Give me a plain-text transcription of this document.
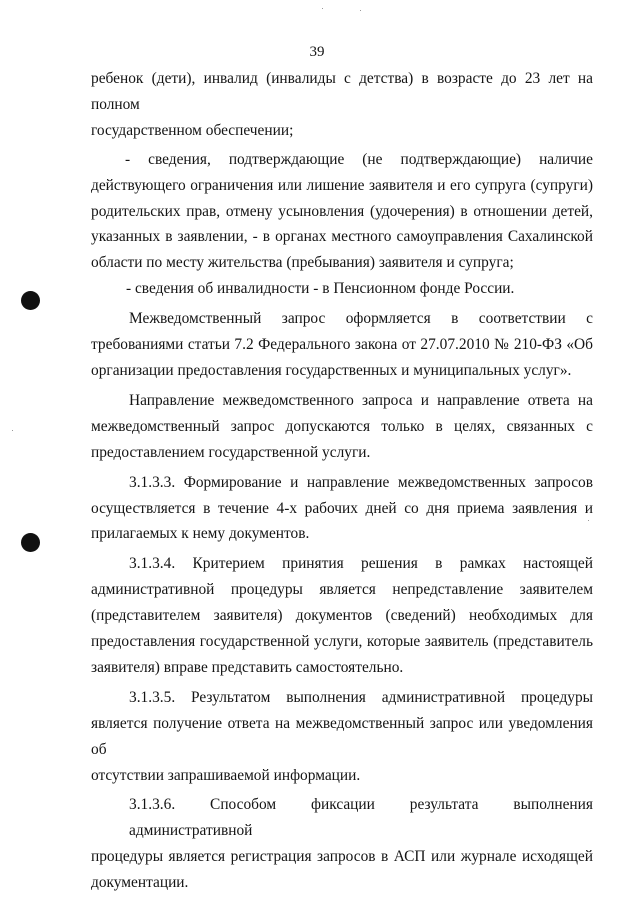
39
ребенок (дети), инвалид (инвалиды с детства) в возрасте до 23 лет на полном
государственном обеспечении;
- сведения, подтверждающие (не подтверждающие) наличие
действующего ограничения или лишение заявителя и его супруга (супруги)
родительских прав, отмену усыновления (удочерения) в отношении детей,
указанных в заявлении, - в органах местного самоуправления Сахалинской
области по месту жительства (пребывания) заявителя и супруга;
- сведения об инвалидности - в Пенсионном фонде России.
Межведомственный запрос оформляется в соответствии с
требованиями статьи 7.2 Федерального закона от 27.07.2010 № 210-ФЗ «Об
организации предоставления государственных и муниципальных услуг».
Направление межведомственного запроса и направление ответа на
межведомственный запрос допускаются только в целях, связанных с
предоставлением государственной услуги.
3.1.3.3. Формирование и направление межведомственных запросов
осуществляется в течение 4-х рабочих дней со дня приема заявления и
прилагаемых к нему документов.
3.1.3.4. Критерием принятия решения в рамках настоящей
административной процедуры является непредставление заявителем
(представителем заявителя) документов (сведений) необходимых для
предоставления государственной услуги, которые заявитель (представитель
заявителя) вправе представить самостоятельно.
3.1.3.5. Результатом выполнения административной процедуры
является получение ответа на межведомственный запрос или уведомления об
отсутствии запрашиваемой информации.
3.1.3.6. Способом фиксации результата выполнения административной
процедуры является регистрация запросов в АСП или журнале исходящей
документации.
